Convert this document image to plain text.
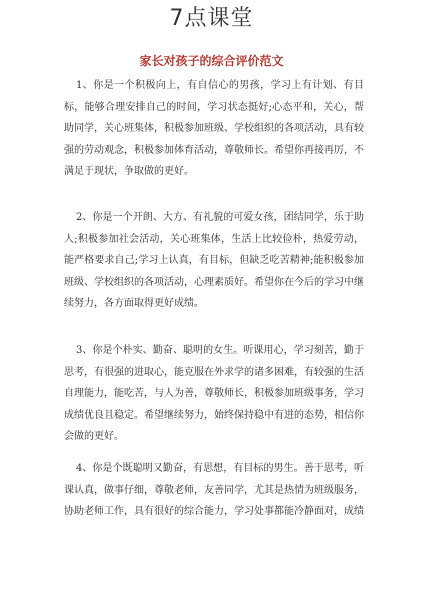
7点课堂
家长对孩子的综合评价范文

1、你是一个积极向上，有自信心的男孩，学习上有计划、有目标，能够合理安排自己的时间，学习状态挺好;心态平和，关心，帮助同学，关心班集体，积极参加班级、学校组织的各项活动，具有较强的劳动观念，积极参加体育活动，尊敬师长。希望你再接再厉，不满足于现状，争取做的更好。

2、你是一个开朗、大方、有礼貌的可爱女孩，团结同学，乐于助人;积极参加社会活动，关心班集体，生活上比较俭朴，热爱劳动，能严格要求自己;学习上认真，有目标，但缺乏吃苦精神;能积极参加班级、学校组织的各项活动，心理素质好。希望你在今后的学习中继续努力，各方面取得更好成绩。

3、你是个朴实、勤奋、聪明的女生。听课用心，学习刻苦，勤于思考，有很强的进取心，能克服在外求学的诸多困难，有较强的生活自理能力，能吃苦，与人为善，尊敬师长，积极参加班级事务，学习成绩优良且稳定。希望继续努力，始终保持稳中有进的态势，相信你会做的更好。

4、你是个既聪明又勤奋，有思想，有目标的男生。善于思考，听课认真，做事仔细，尊敬老师，友善同学，尤其是热情为班级服务，协助老师工作，具有很好的综合能力，学习处事都能冷静面对，成绩
